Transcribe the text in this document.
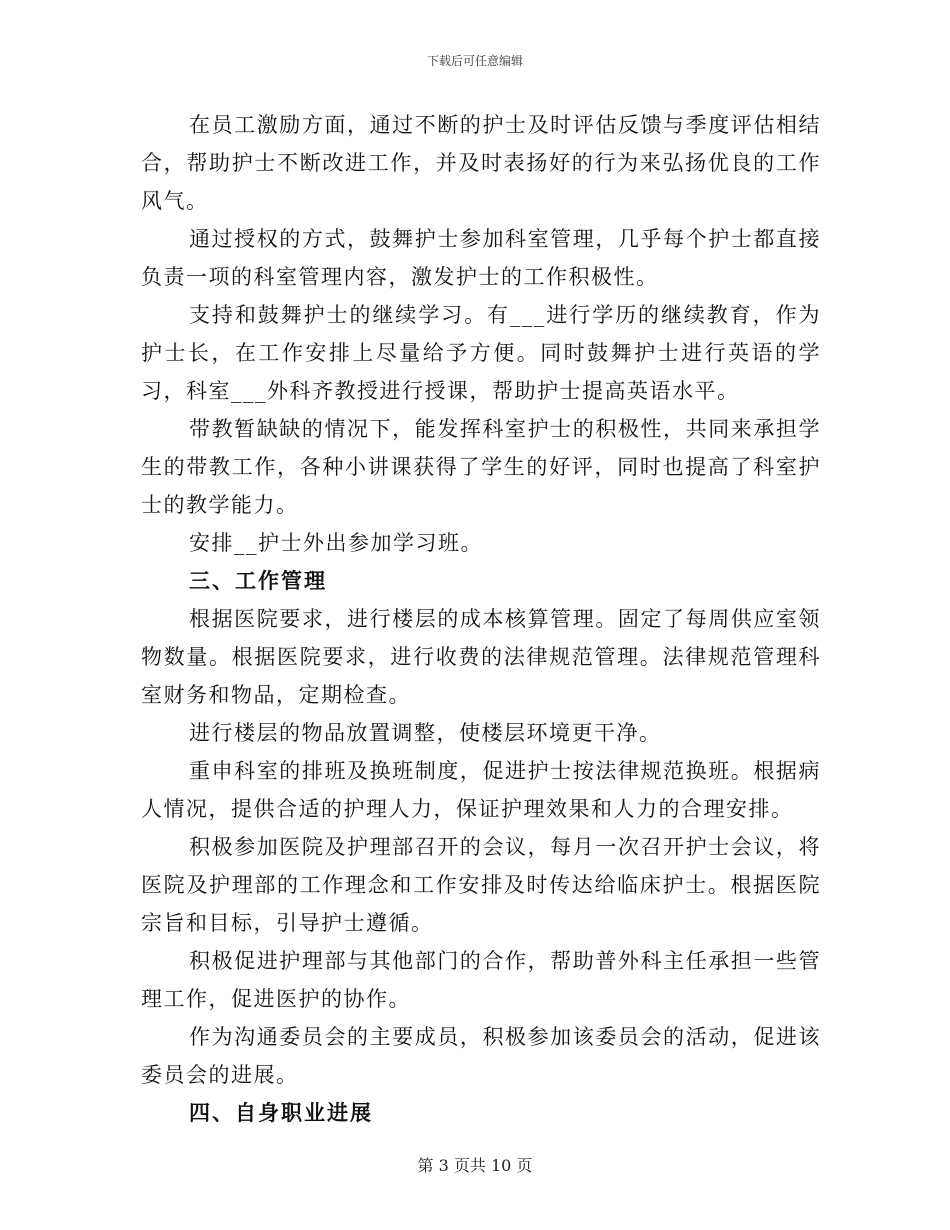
下载后可任意编辑

在员工激励方面，通过不断的护士及时评估反馈与季度评估相结合，帮助护士不断改进工作，并及时表扬好的行为来弘扬优良的工作风气。

通过授权的方式，鼓舞护士参加科室管理，几乎每个护士都直接负责一项的科室管理内容，激发护士的工作积极性。

支持和鼓舞护士的继续学习。有___进行学历的继续教育，作为护士长，在工作安排上尽量给予方便。同时鼓舞护士进行英语的学习，科室___外科齐教授进行授课，帮助护士提高英语水平。

带教暂缺缺的情况下，能发挥科室护士的积极性，共同来承担学生的带教工作，各种小讲课获得了学生的好评，同时也提高了科室护士的教学能力。

安排__护士外出参加学习班。

三、工作管理

根据医院要求，进行楼层的成本核算管理。固定了每周供应室领物数量。根据医院要求，进行收费的法律规范管理。法律规范管理科室财务和物品，定期检查。

进行楼层的物品放置调整，使楼层环境更干净。

重申科室的排班及换班制度，促进护士按法律规范换班。根据病人情况，提供合适的护理人力，保证护理效果和人力的合理安排。

积极参加医院及护理部召开的会议，每月一次召开护士会议，将医院及护理部的工作理念和工作安排及时传达给临床护士。根据医院宗旨和目标，引导护士遵循。

积极促进护理部与其他部门的合作，帮助普外科主任承担一些管理工作，促进医护的协作。

作为沟通委员会的主要成员，积极参加该委员会的活动，促进该委员会的进展。

四、自身职业进展

第 3 页共 10 页
